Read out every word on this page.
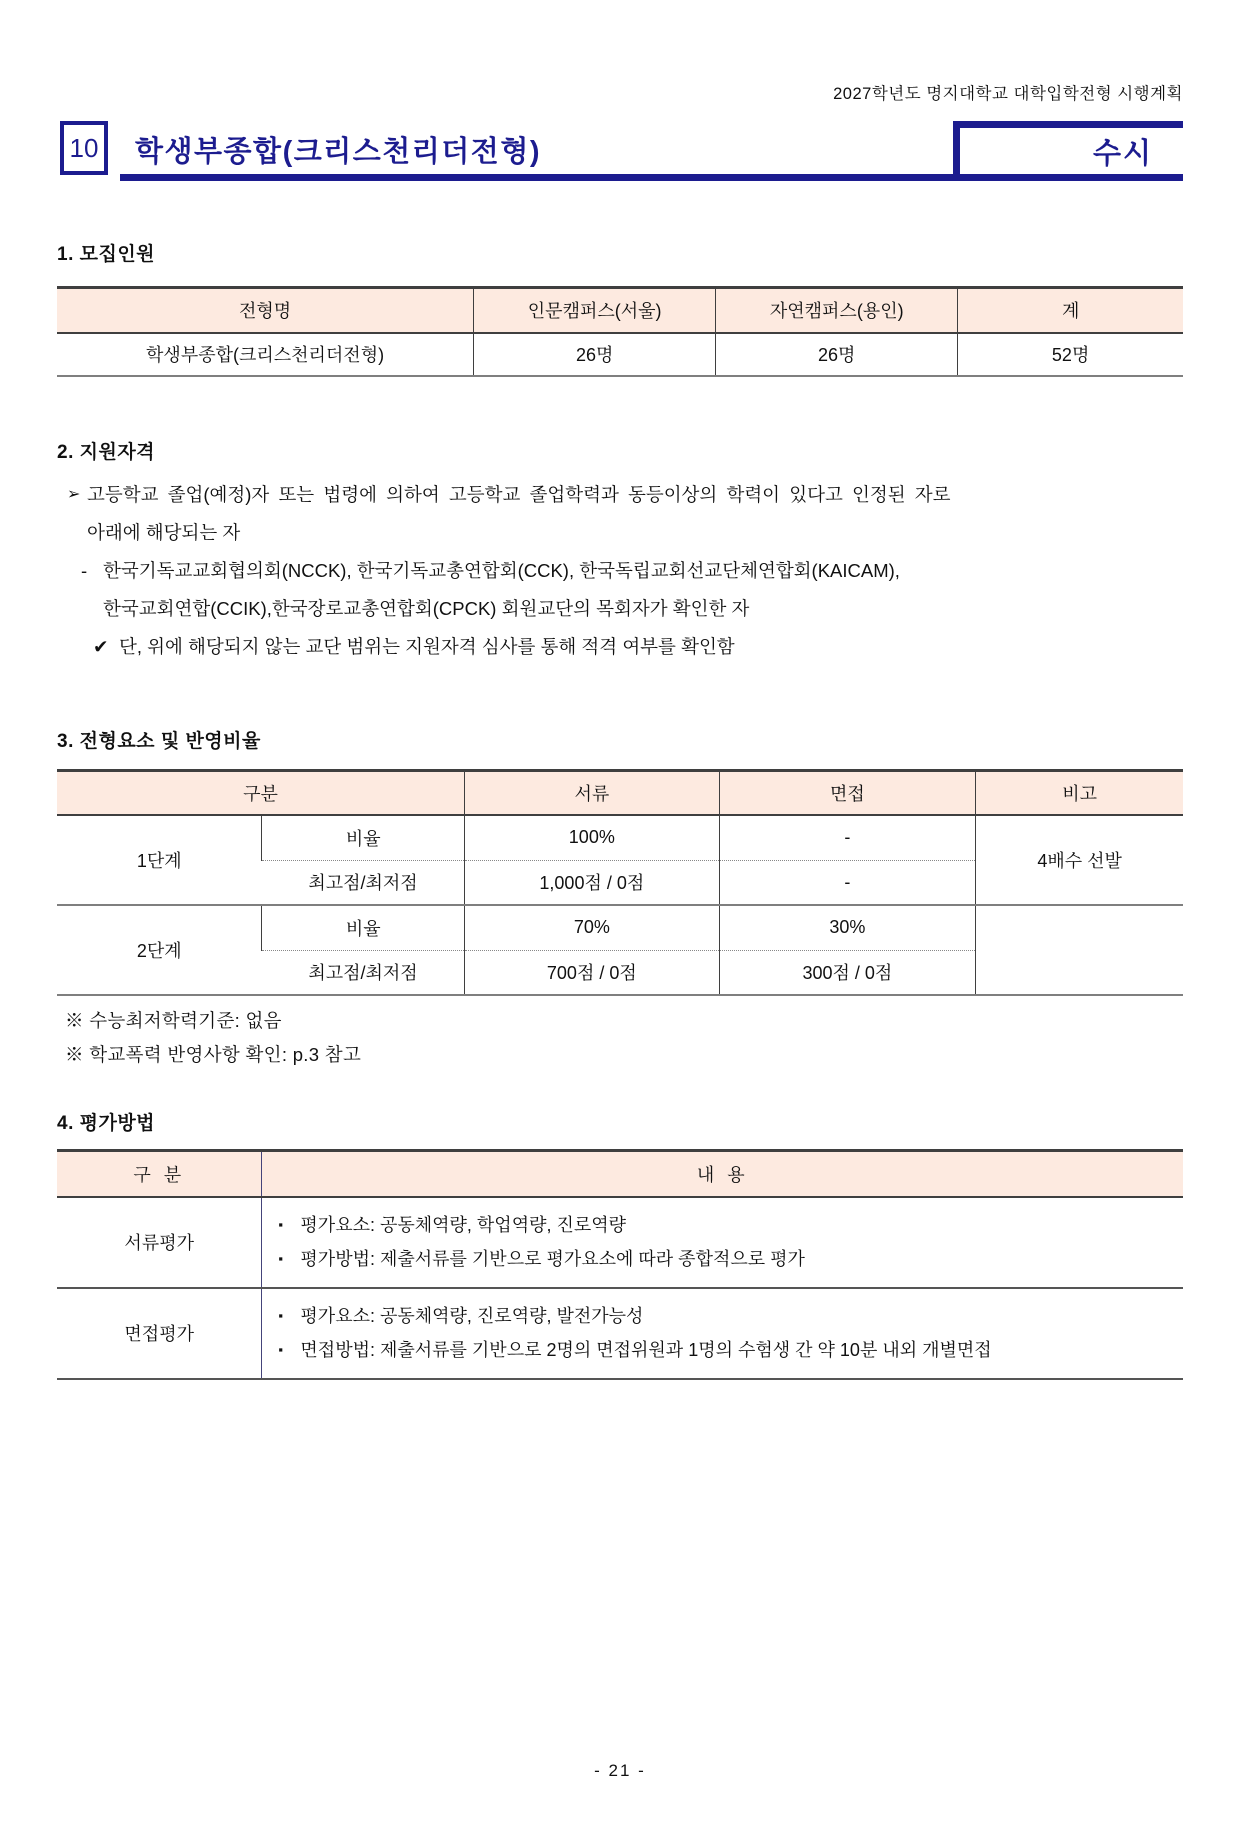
2027학년도 명지대학교 대학입학전형 시행계획
10 학생부종합(크리스천리더전형)	수시
1. 모집인원
전형명	인문캠퍼스(서울)	자연캠퍼스(용인)	계
학생부종합(크리스천리더전형)	26명	26명	52명
2. 지원자격
➢ 고등학교 졸업(예정)자 또는 법령에 의하여 고등학교 졸업학력과 동등이상의 학력이 있다고 인정된 자로
아래에 해당되는 자
- 한국기독교교회협의회(NCCK), 한국기독교총연합회(CCK), 한국독립교회선교단체연합회(KAICAM),
한국교회연합(CCIK),한국장로교총연합회(CPCK) 회원교단의 목회자가 확인한 자
✔ 단, 위에 해당되지 않는 교단 범위는 지원자격 심사를 통해 적격 여부를 확인함
3. 전형요소 및 반영비율
구분		서류	면접	비고
1단계	비율	100%	-	4배수 선발
	최고점/최저점	1,000점 / 0점	-	
2단계	비율	70%	30%	
	최고점/최저점	700점 / 0점	300점 / 0점	
※ 수능최저학력기준: 없음
※ 학교폭력 반영사항 확인: p.3 참고
4. 평가방법
구 분	내 용
서류평가	▪ 평가요소: 공동체역량, 학업역량, 진로역량
▪ 평가방법: 제출서류를 기반으로 평가요소에 따라 종합적으로 평가

면접평가	▪ 평가요소: 공동체역량, 진로역량, 발전가능성
▪ 면접방법: 제출서류를 기반으로 2명의 면접위원과 1명의 수험생 간 약 10분 내외 개별면접
- 21 -
